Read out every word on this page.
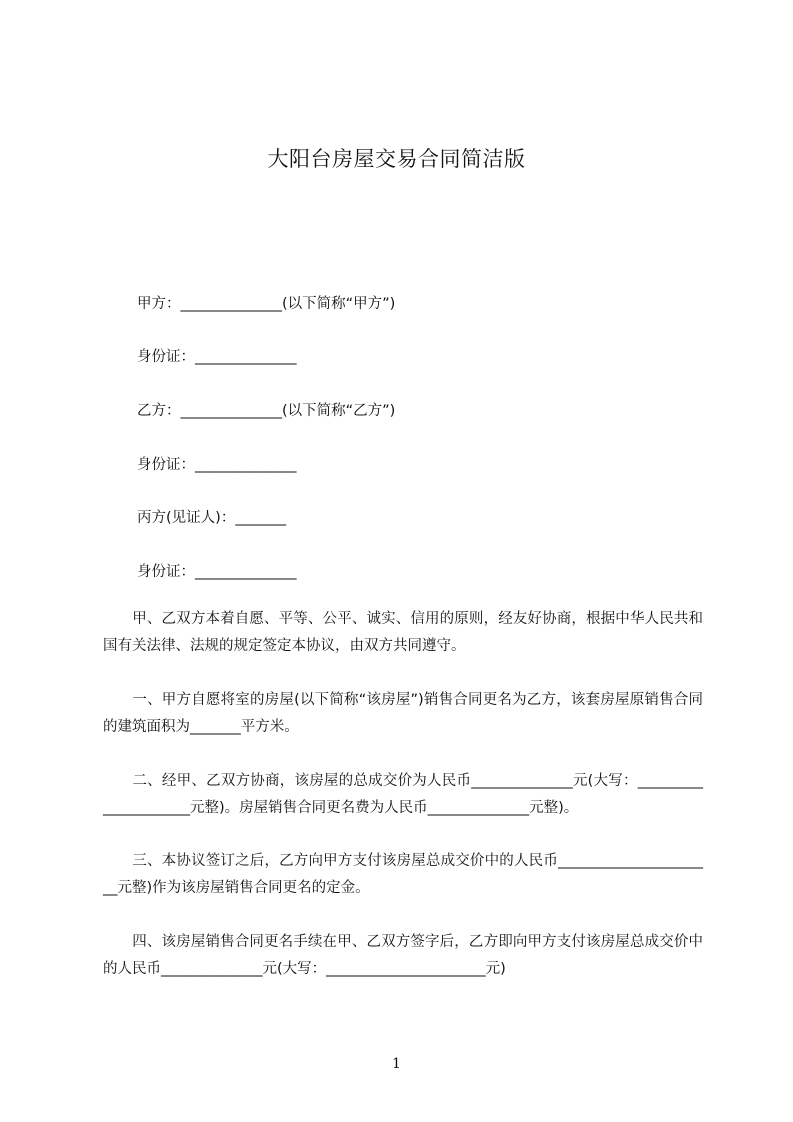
大阳台房屋交易合同简洁版
甲方：______________(以下简称“甲方”)
身份证：______________
乙方：______________(以下简称“乙方”)
身份证：______________
丙方(见证人)：_______
身份证：______________
　　甲、乙双方本着自愿、平等、公平、诚实、信用的原则，经友好协商，根据中华人民共和国有关法律、法规的规定签定本协议，由双方共同遵守。
　　一、甲方自愿将室的房屋(以下简称“该房屋”)销售合同更名为乙方，该套房屋原销售合同的建筑面积为_______平方米。
　　二、经甲、乙双方协商，该房屋的总成交价为人民币______________元(大写：_____________________元整)。房屋销售合同更名费为人民币______________元整)。
　　三、本协议签订之后，乙方向甲方支付该房屋总成交价中的人民币______________________元整)作为该房屋销售合同更名的定金。
　　四、该房屋销售合同更名手续在甲、乙双方签字后，乙方即向甲方支付该房屋总成交价中的人民币______________元(大写：______________________元)
1
